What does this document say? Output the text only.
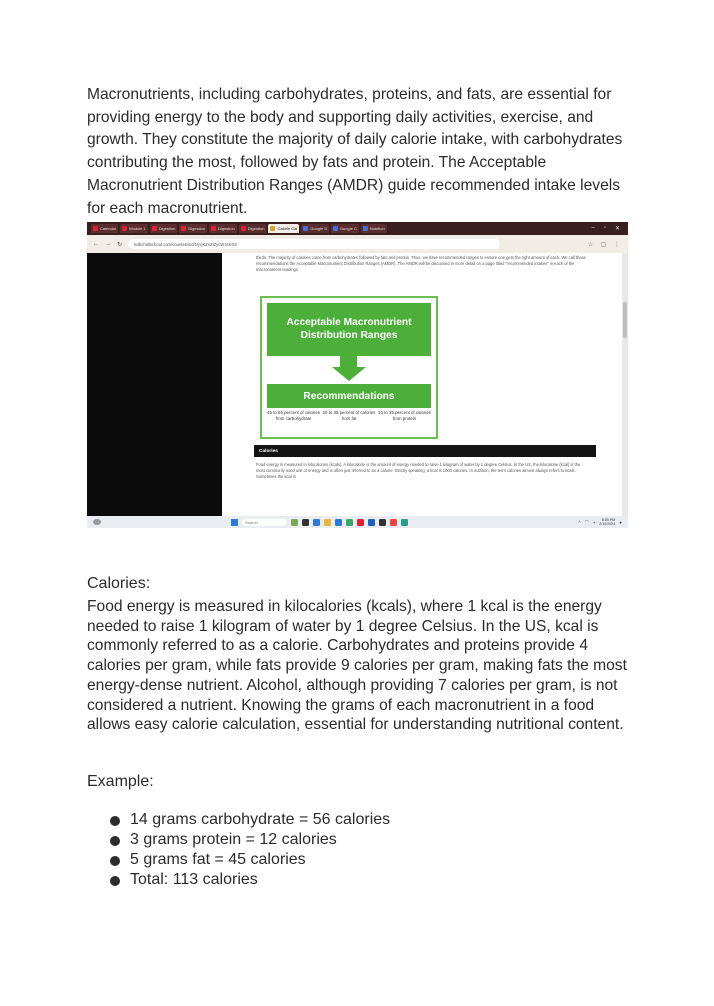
Macronutrients, including carbohydrates, proteins, and fats, are essential for providing energy to the body and supporting daily activities, exercise, and growth. They constitute the majority of daily calorie intake, with carbohydrates contributing the most, followed by fats and protein. The Acceptable Macronutrient Distribution Ranges (AMDR) guide recommended intake levels for each macronutrient.

Calendar	Module 1	Digestion	Digestion	Digestion	Digestion	Calorie Cal	Google S	Google C	Nutrition	– ▫ ✕
← → ↻	sullichallschool.com/courses/ind/NjYjKZnZiZycWJ4KN3	☆ ◻ ⋮
thirds. The majority of calories come from carbohydrates followed by fats and protein. Thus, we have recommended ranges to ensure one gets the right amount of each. We call these recommendations the Acceptable Macronutrient Distribution Ranges (AMDR). The AMDR will be discussed in more detail on a page titled "recommended intakes" in each of the macronutrient readings.
Acceptable Macronutrient Distribution Ranges
Recommendations
45 to 65 percent of calories from carbohydrate
20 to 35 percent of calories from fat
10 to 35 percent of calories from protein
Calories
Food energy is measured in kilocalories (kcals). A kilocalorie is the amount of energy needed to raise 1 kilogram of water by 1 degree Celsius. In the US, the kilocalorie (kcal) is the most commonly used unit of energy and is often just referred to as a calorie. Strictly speaking, a kcal is 1000 calories. In nutrition, the term calories almost always refers to kcals. Sometimes the kcal is
Search	^ ◠ ◖	8:55 PM
2/15/2024 ●

Calories:

Food energy is measured in kilocalories (kcals), where 1 kcal is the energy needed to raise 1 kilogram of water by 1 degree Celsius. In the US, kcal is commonly referred to as a calorie. Carbohydrates and proteins provide 4 calories per gram, while fats provide 9 calories per gram, making fats the most energy-dense nutrient. Alcohol, although providing 7 calories per gram, is not considered a nutrient. Knowing the grams of each macronutrient in a food allows easy calorie calculation, essential for understanding nutritional content.

Example:

14 grams carbohydrate = 56 calories
3 grams protein = 12 calories
5 grams fat = 45 calories
Total: 113 calories
